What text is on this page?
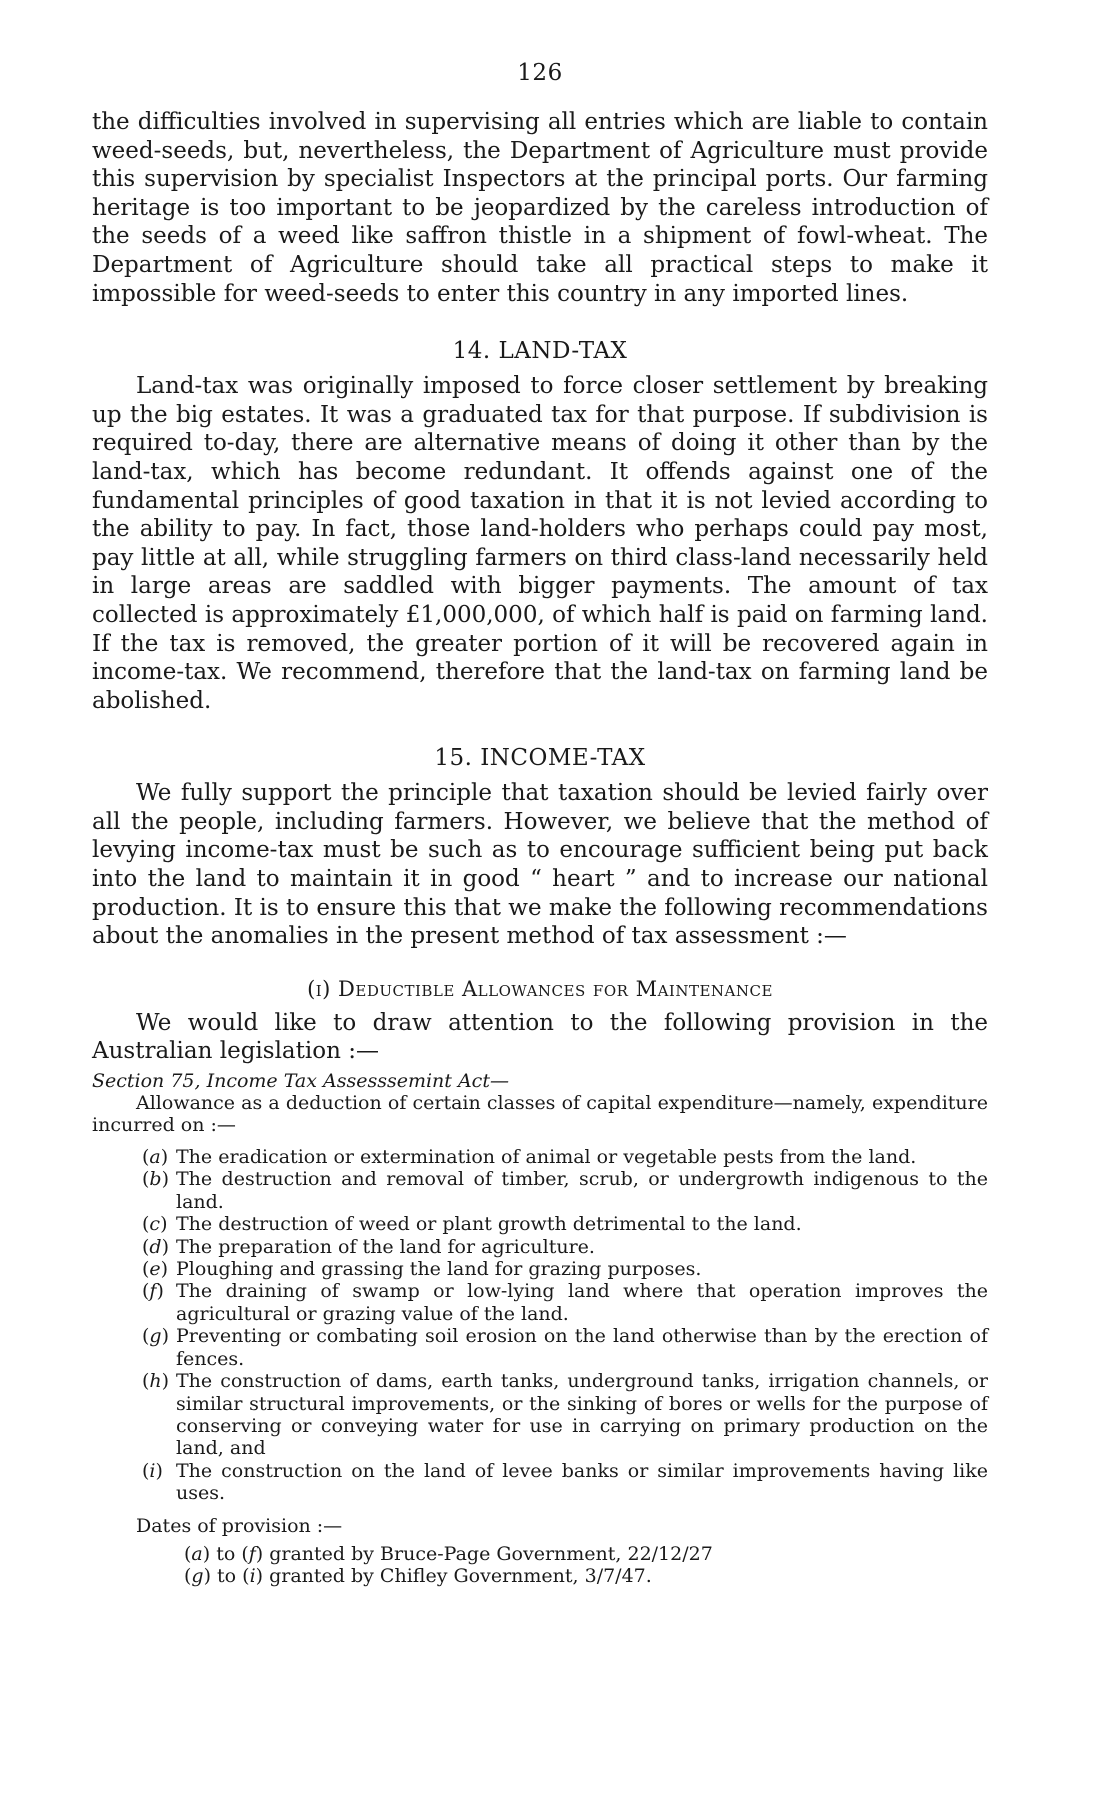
126

the difficulties involved in supervising all entries which are liable to contain weed-seeds, but, nevertheless, the Department of Agriculture must provide this supervision by specialist Inspectors at the principal ports. Our farming heritage is too important to be jeopardized by the careless introduction of the seeds of a weed like saffron thistle in a shipment of fowl-wheat. The Department of Agriculture should take all practical steps to make it impossible for weed-seeds to enter this country in any imported lines.

14. LAND-TAX

Land-tax was originally imposed to force closer settlement by breaking up the big estates. It was a graduated tax for that purpose. If subdivision is required to-day, there are alternative means of doing it other than by the land-tax, which has become redundant. It offends against one of the fundamental principles of good taxation in that it is not levied according to the ability to pay. In fact, those land-holders who perhaps could pay most, pay little at all, while struggling farmers on third class-land necessarily held in large areas are saddled with bigger payments. The amount of tax collected is approximately £1,000,000, of which half is paid on farming land. If the tax is removed, the greater portion of it will be recovered again in income-tax. We recommend, therefore that the land-tax on farming land be abolished.

15. INCOME-TAX

We fully support the principle that taxation should be levied fairly over all the people, including farmers. However, we believe that the method of levying income-tax must be such as to encourage sufficient being put back into the land to maintain it in good “ heart ” and to increase our national production. It is to ensure this that we make the following recommendations about the anomalies in the present method of tax assessment :—

(i) Deductible Allowances for Maintenance

We would like to draw attention to the following provision in the Australian legislation :—

Section 75, Income Tax Assesssemint Act—

Allowance as a deduction of certain classes of capital expenditure—namely, expenditure incurred on :—

(a) The eradication or extermination of animal or vegetable pests from the land.
(b) The destruction and removal of timber, scrub, or undergrowth indigenous to the land.
(c) The destruction of weed or plant growth detrimental to the land.
(d) The preparation of the land for agriculture.
(e) Ploughing and grassing the land for grazing purposes.
(f) The draining of swamp or low-lying land where that operation improves the agricultural or grazing value of the land.
(g) Preventing or combating soil erosion on the land otherwise than by the erection of fences.
(h) The construction of dams, earth tanks, underground tanks, irrigation channels, or similar structural improvements, or the sinking of bores or wells for the purpose of conserving or conveying water for use in carrying on primary production on the land, and
(i) The construction on the land of levee banks or similar improvements having like uses.
Dates of provision :—
(a) to (f) granted by Bruce-Page Government, 22/12/27
(g) to (i) granted by Chifley Government, 3/7/47.
